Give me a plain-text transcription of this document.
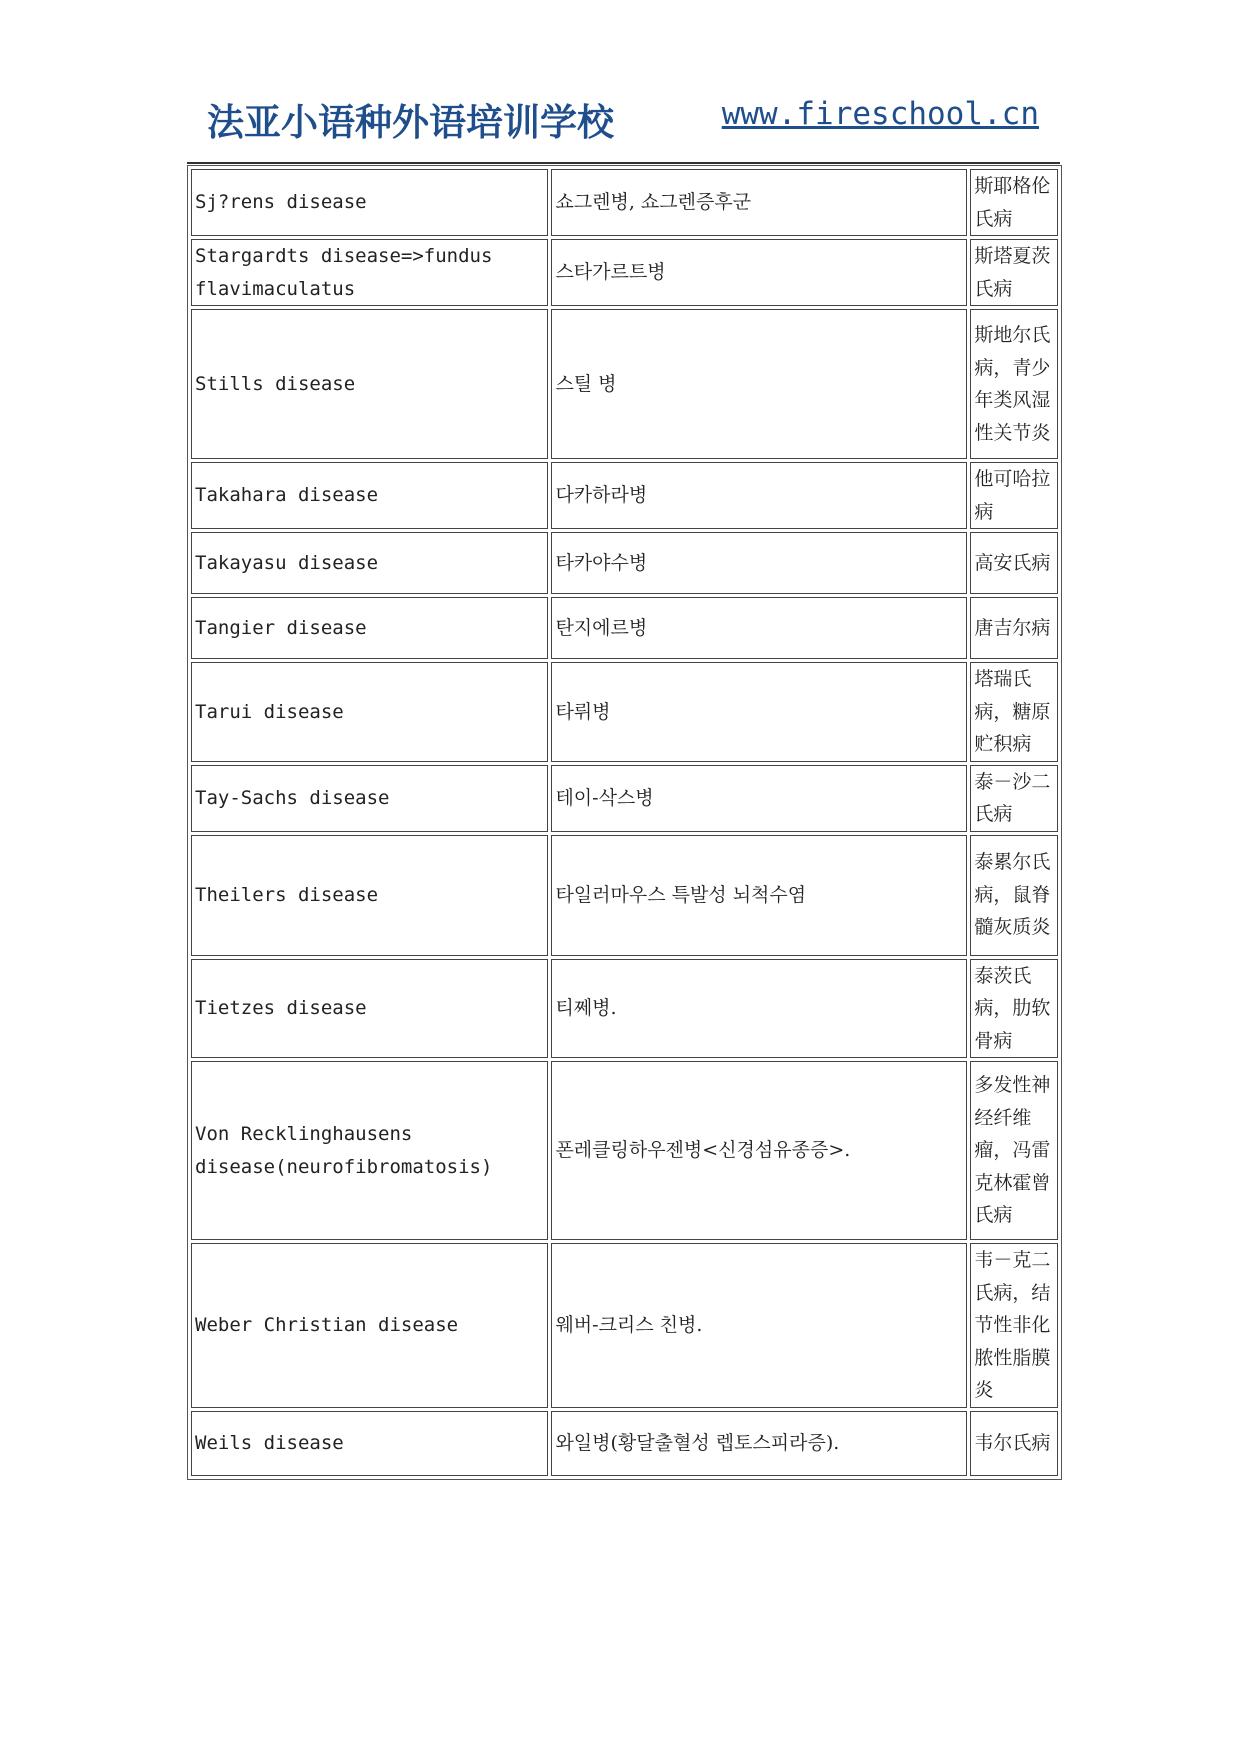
法亚小语种外语培训学校	www.fireschool.cn
Sj?rens disease	쇼그렌병, 쇼그렌증후군	斯耶格伦氏病
Stargardts disease=>fundus flavimaculatus	스타가르트병	斯塔夏茨氏病
Stills disease	스틸 병	斯地尔氏病，青少年类风湿性关节炎
Takahara disease	다카하라병	他可哈拉病
Takayasu disease	타카야수병	高安氏病
Tangier disease	탄지에르병	唐吉尔病
Tarui disease	타뤼병	塔瑞氏病，糖原贮积病
Tay-Sachs disease	테이-삭스병	泰－沙二氏病
Theilers disease	타일러마우스 특발성 뇌척수염	泰累尔氏病，鼠脊髓灰质炎
Tietzes disease	티쩨병.	泰茨氏病，肋软骨病
Von Recklinghausens disease(neurofibromatosis)	폰레클링하우젠병<신경섬유종증>.	多发性神经纤维瘤，冯雷克林霍曾氏病
Weber Christian disease	웨버-크리스 친병.	韦－克二氏病，结节性非化脓性脂膜炎
Weils disease	와일병(황달출혈성 렙토스피라증).	韦尔氏病
